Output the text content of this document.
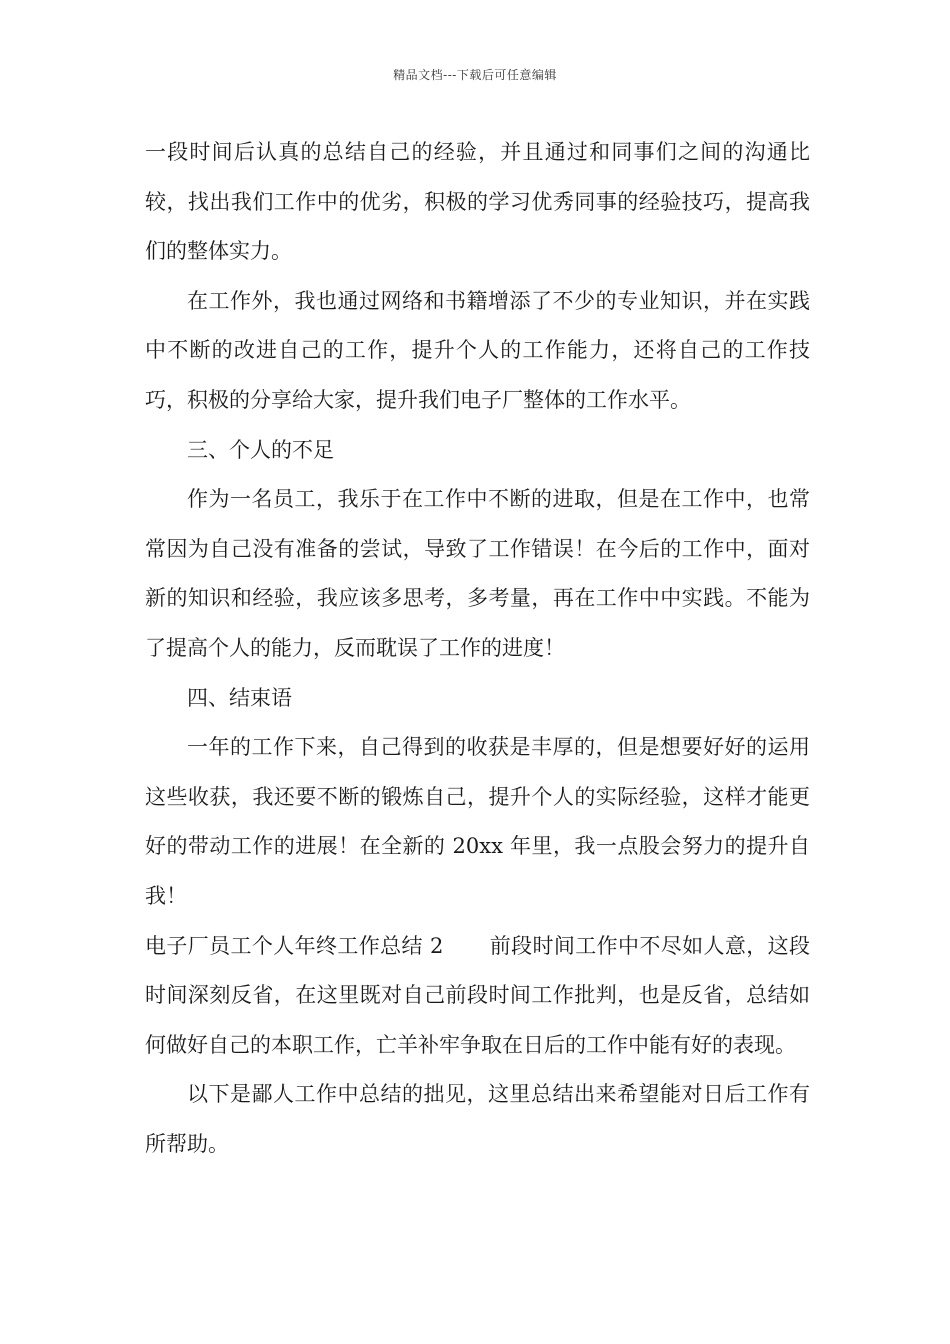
精品文档---下载后可任意编辑

一段时间后认真的总结自己的经验，并且通过和同事们之间的沟通比较，找出我们工作中的优劣，积极的学习优秀同事的经验技巧，提高我们的整体实力。

在工作外，我也通过网络和书籍增添了不少的专业知识，并在实践中不断的改进自己的工作，提升个人的工作能力，还将自己的工作技巧，积极的分享给大家，提升我们电子厂整体的工作水平。

三、个人的不足

作为一名员工，我乐于在工作中不断的进取，但是在工作中，也常常因为自己没有准备的尝试，导致了工作错误！在今后的工作中，面对新的知识和经验，我应该多思考，多考量，再在工作中中实践。不能为了提高个人的能力，反而耽误了工作的进度！

四、结束语

一年的工作下来，自己得到的收获是丰厚的，但是想要好好的运用这些收获，我还要不断的锻炼自己，提升个人的实际经验，这样才能更好的带动工作的进展！在全新的 20xx 年里，我一点股会努力的提升自我！

电子厂员工个人年终工作总结 2 前段时间工作中不尽如人意，这段时间深刻反省，在这里既对自己前段时间工作批判，也是反省，总结如何做好自己的本职工作，亡羊补牢争取在日后的工作中能有好的表现。

以下是鄙人工作中总结的拙见，这里总结出来希望能对日后工作有所帮助。
